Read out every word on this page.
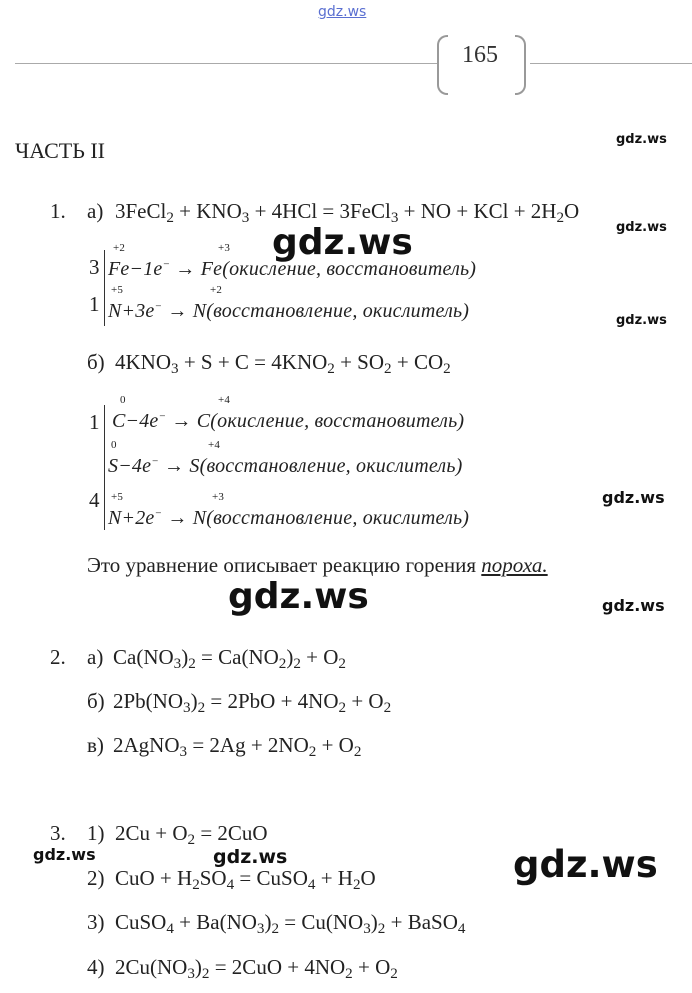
gdz.ws
165
ЧАСТЬ II	gdz.ws
gdz.ws
gdz.ws
gdz.ws
gdz.ws
gdz.ws	gdz.ws
gdz.ws
gdz.ws
gdz.ws
1. а) 3FeCl$_2$ + $KNO_3 + 4HCl$ = 3FeCl$_3$ + NO + KCl + $2H_2O$
3
1
+2	+3
Fe−1e− → Fe(окисление, восстановитель)
+5	+2
N+3e− → N(восстановление, окислитель)
б) $4KNO_3 + S + C = 4KNO_2 + SO_2 + CO_2$
1
4
0	+4
C−4e− → C(окисление, восстановитель)
0	+4
S−4e− → S(восстановление, окислитель)
+5	+3
N+2e− → N(восстановление, окислитель)
Это уравнение описывает реакцию горения пороха.
2. а) $Ca(NO_3)_2 = Ca(NO_2)_2 + O_2$
б) $2Pb(NO_3)_2 = 2PbO + 4NO_2 + O_2$
в) 2AgNO$_3$ = $2Ag + 2NO_2 + O_2$
3. 1) $2Cu + O_2 = 2CuO$
2) CuO + $H_2SO_4$ = CuSO$_4$ + $H_2O$
3) CuSO$_4$ + $Ba(NO_3)_2 = Cu(NO_3)_2$ + BaSO$_4$
4) $2Cu(NO_3)_2 = 2CuO + 4NO_2 + O_2$
